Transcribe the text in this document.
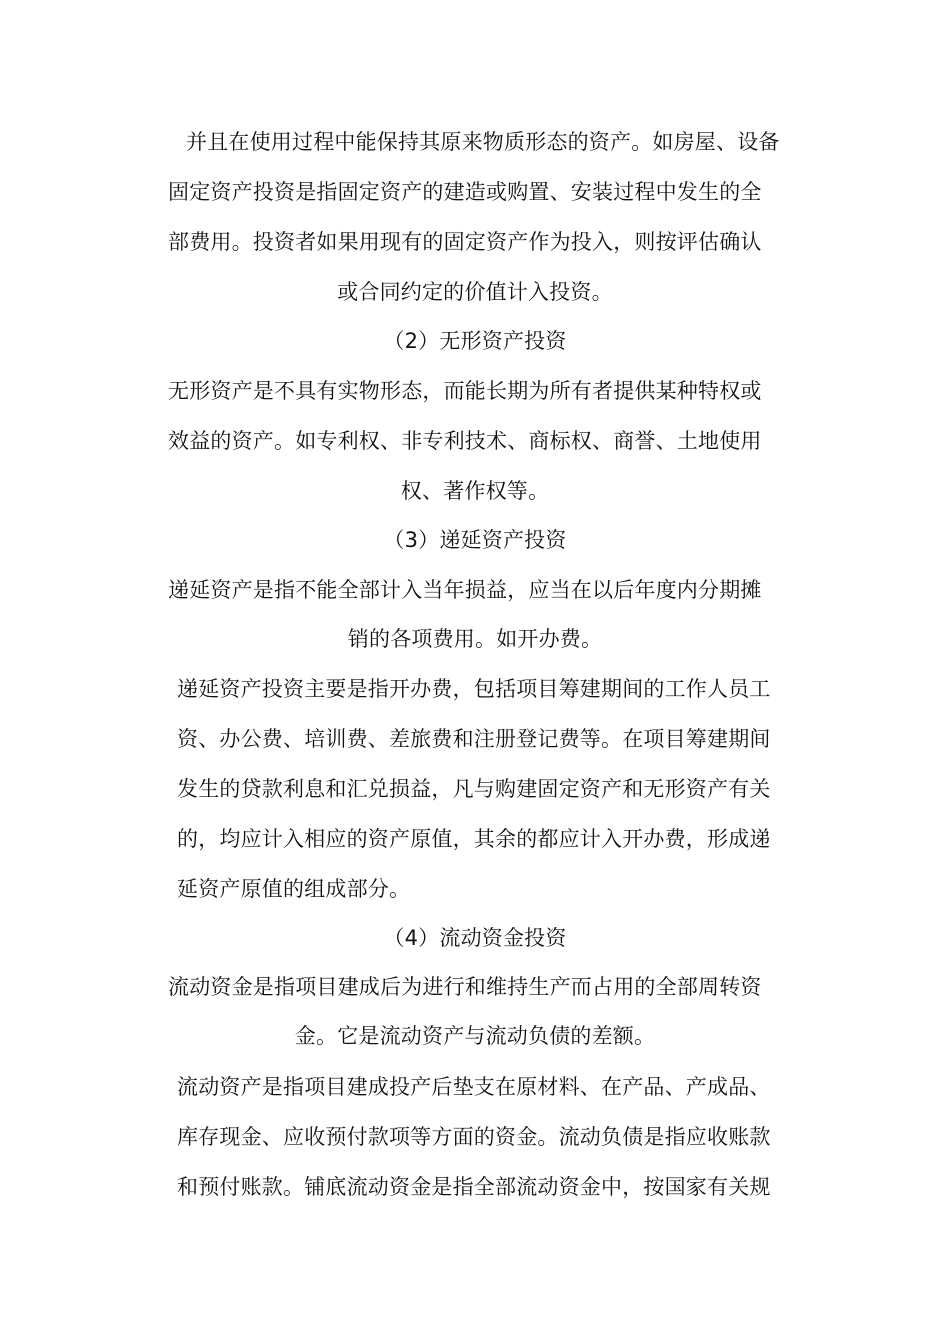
并且在使用过程中能保持其原来物质形态的资产。如房屋、设备
固定资产投资是指固定资产的建造或购置、安装过程中发生的全
部费用。投资者如果用现有的固定资产作为投入，则按评估确认
或合同约定的价值计入投资。
（2）无形资产投资
无形资产是不具有实物形态，而能长期为所有者提供某种特权或
效益的资产。如专利权、非专利技术、商标权、商誉、土地使用
权、著作权等。
（3）递延资产投资
递延资产是指不能全部计入当年损益，应当在以后年度内分期摊
销的各项费用。如开办费。
递延资产投资主要是指开办费，包括项目筹建期间的工作人员工
资、办公费、培训费、差旅费和注册登记费等。在项目筹建期间
发生的贷款利息和汇兑损益，凡与购建固定资产和无形资产有关
的，均应计入相应的资产原值，其余的都应计入开办费，形成递
延资产原值的组成部分。
（4）流动资金投资
流动资金是指项目建成后为进行和维持生产而占用的全部周转资
金。它是流动资产与流动负债的差额。
流动资产是指项目建成投产后垫支在原材料、在产品、产成品、
库存现金、应收预付款项等方面的资金。流动负债是指应收账款
和预付账款。铺底流动资金是指全部流动资金中，按国家有关规
